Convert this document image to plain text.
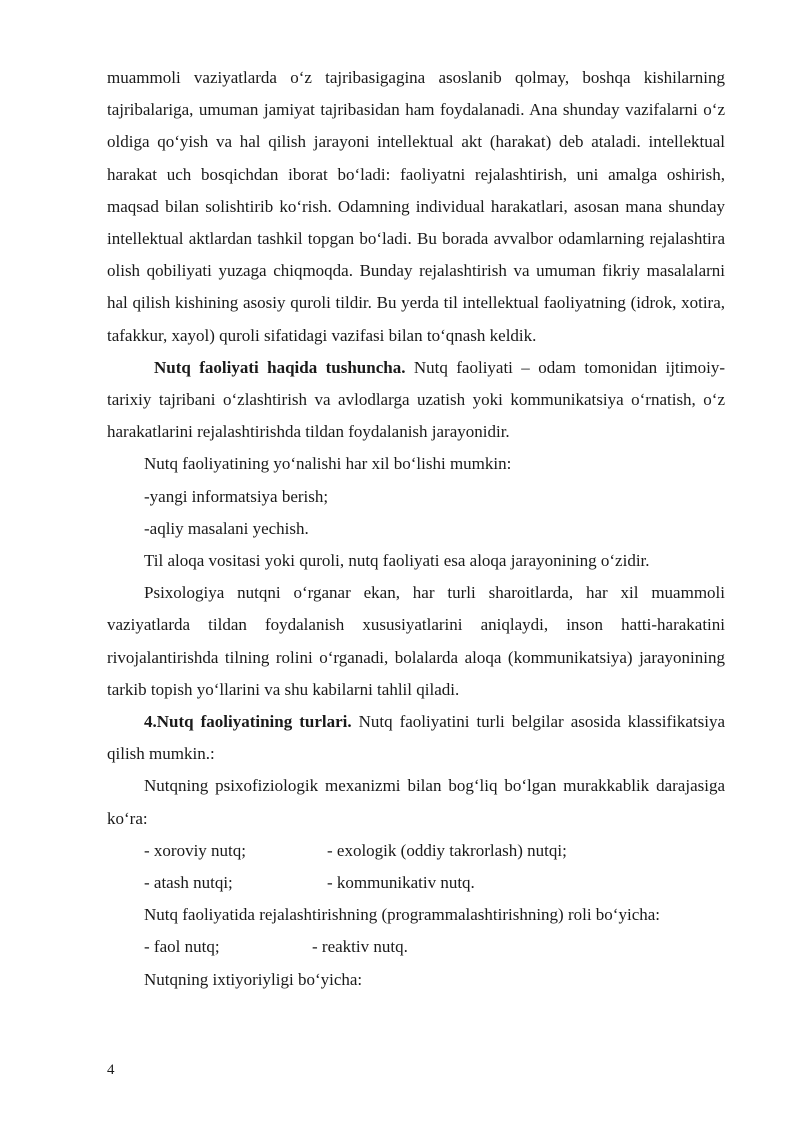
muammoli vaziyatlarda o‘z tajribasigagina asoslanib qolmay, boshqa kishilarning tajribalariga, umuman jamiyat tajribasidan ham foydalanadi. Ana shunday vazifalarni o‘z oldiga qo‘yish va hal qilish jarayoni intellektual akt (harakat) deb ataladi. intellektual harakat uch bosqichdan iborat bo‘ladi: faoliyatni rejalashtirish, uni amalga oshirish, maqsad bilan solishtirib ko‘rish. Odamning individual harakatlari, asosan mana shunday intellektual aktlardan tashkil topgan bo‘ladi. Bu borada avvalbor odamlarning rejalashtira olish qobiliyati yuzaga chiqmoqda. Bunday rejalashtirish va umuman fikriy masalalarni hal qilish kishining asosiy quroli tildir. Bu yerda til intellektual faoliyatning (idrok, xotira, tafakkur, xayol) quroli sifatidagi vazifasi bilan to‘qnash keldik.

Nutq faoliyati haqida tushuncha. Nutq faoliyati – odam tomonidan ijtimoiy-tarixiy tajribani o‘zlashtirish va avlodlarga uzatish yoki kommunikatsiya o‘rnatish, o‘z harakatlarini rejalashtirishda tildan foydalanish jarayonidir.

Nutq faoliyatining yo‘nalishi har xil bo‘lishi mumkin:

-yangi informatsiya berish;

-aqliy masalani yechish.

Til aloqa vositasi yoki quroli, nutq faoliyati esa aloqa jarayonining o‘zidir.

Psixologiya nutqni o‘rganar ekan, har turli sharoitlarda, har xil muammoli vaziyatlarda tildan foydalanish xususiyatlarini aniqlaydi, inson hatti-harakatini rivojalantirishda tilning rolini o‘rganadi, bolalarda aloqa (kommunikatsiya) jarayonining tarkib topish yo‘llarini va shu kabilarni tahlil qiladi.

4.Nutq faoliyatining turlari. Nutq faoliyatini turli belgilar asosida klassifikatsiya qilish mumkin.:

Nutqning psixofiziologik mexanizmi bilan bog‘liq bo‘lgan murakkablik darajasiga ko‘ra:

- xoroviy nutq;	- exologik (oddiy takrorlash) nutqi;

- atash nutqi;	- kommunikativ nutq.

Nutq faoliyatida rejalashtirishning (programmalashtirishning) roli bo‘yicha:

- faol nutq;	- reaktiv nutq.

Nutqning ixtiyoriyligi bo‘yicha:

4
